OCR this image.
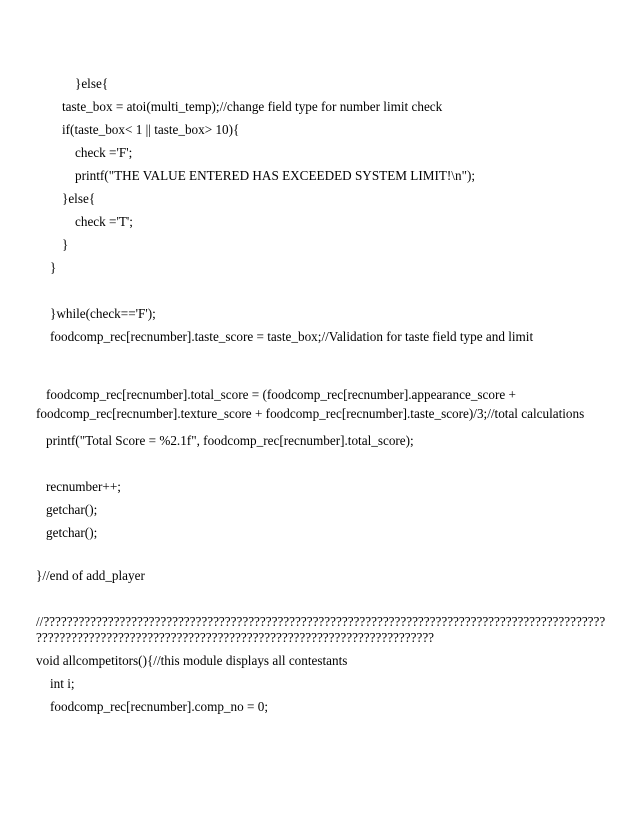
}else{

taste_box = atoi(multi_temp);//change field type for number limit check

if(taste_box< 1 || taste_box> 10){

check ='F';

printf("THE VALUE ENTERED HAS EXCEEDED SYSTEM LIMIT!\n");

}else{

check ='T';

}

}

}while(check=='F');

foodcomp_rec[recnumber].taste_score = taste_box;//Validation for taste field type and limit

foodcomp_rec[recnumber].total_score = (foodcomp_rec[recnumber].appearance_score +

foodcomp_rec[recnumber].texture_score + foodcomp_rec[recnumber].taste_score)/3;//total calculations

printf("Total Score = %2.1f", foodcomp_rec[recnumber].total_score);

recnumber++;

getchar();

getchar();

}//end of add_player

//????????????????????????????????????????????????????????????????????????????????????????????????

????????????????????????????????????????????????????????????????????

void allcompetitors(){//this module displays all contestants

int i;

foodcomp_rec[recnumber].comp_no = 0;
